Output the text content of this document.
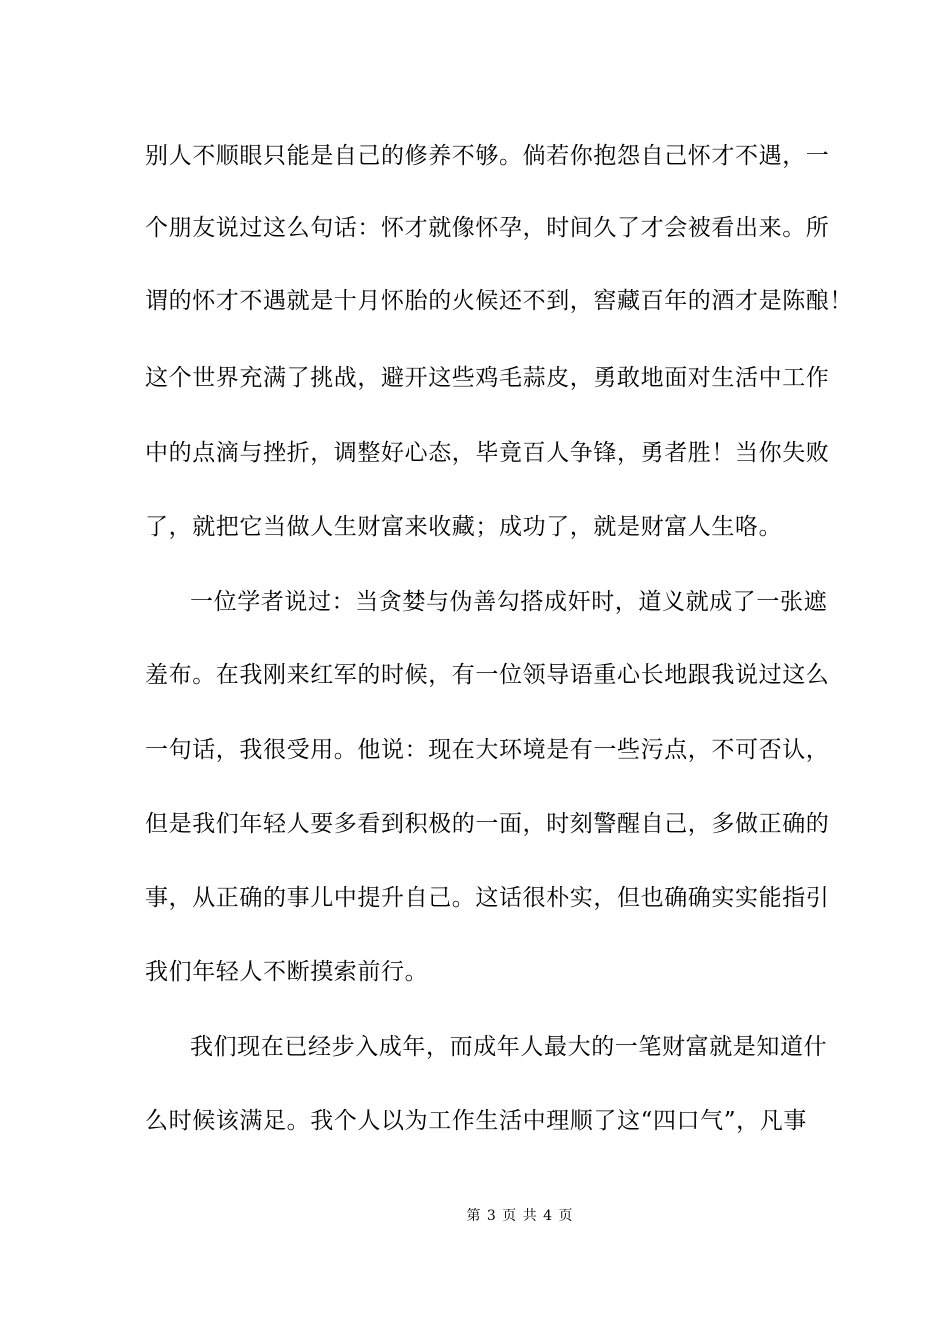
别人不顺眼只能是自己的修养不够。倘若你抱怨自己怀才不遇，一
个朋友说过这么句话：怀才就像怀孕，时间久了才会被看出来。所
谓的怀才不遇就是十月怀胎的火候还不到，窖藏百年的酒才是陈酿！
这个世界充满了挑战，避开这些鸡毛蒜皮，勇敢地面对生活中工作
中的点滴与挫折，调整好心态，毕竟百人争锋，勇者胜！当你失败
了，就把它当做人生财富来收藏；成功了，就是财富人生咯。
一位学者说过：当贪婪与伪善勾搭成奸时，道义就成了一张遮
羞布。在我刚来红军的时候，有一位领导语重心长地跟我说过这么
一句话，我很受用。他说：现在大环境是有一些污点，不可否认，
但是我们年轻人要多看到积极的一面，时刻警醒自己，多做正确的
事，从正确的事儿中提升自己。这话很朴实，但也确确实实能指引
我们年轻人不断摸索前行。
我们现在已经步入成年，而成年人最大的一笔财富就是知道什
么时候该满足。我个人以为工作生活中理顺了这“四口气”，凡事
第 3 页 共 4 页
